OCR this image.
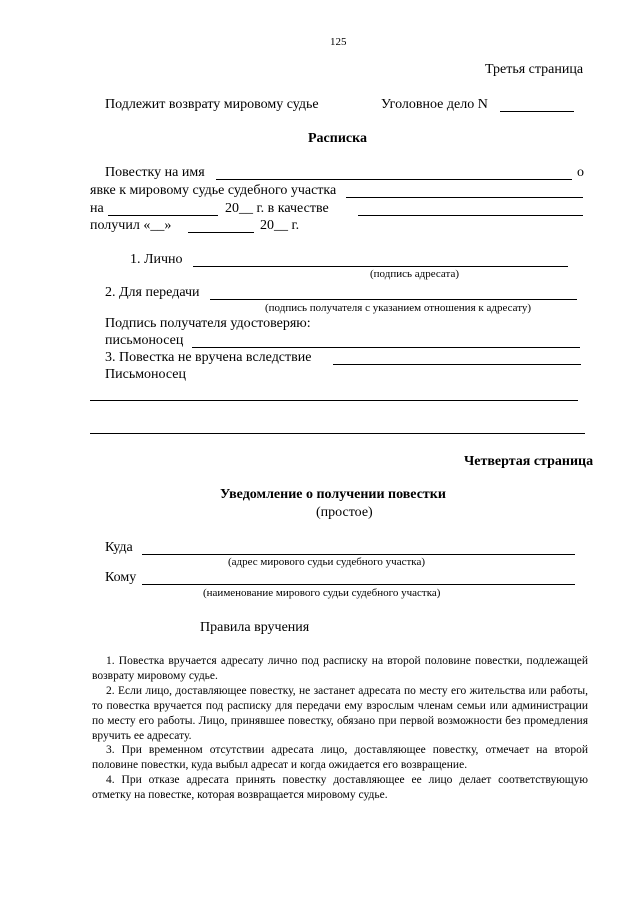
125
Третья страница
Подлежит возврату мировому судье	Уголовное дело N
Расписка
Повестку на имя	о
явке к мировому судье судебного участка
на	20__ г. в качестве
получил «__»	20__ г.
1. Лично
(подпись адресата)
2. Для передачи
(подпись получателя с указанием отношения к адресату)
Подпись получателя удостоверяю:
письмоносец
3. Повестка не вручена вследствие
Письмоносец
Четвертая страница
Уведомление о получении повестки
(простое)
Куда
(адрес мирового судьи судебного участка)
Кому
(наименование мирового судьи судебного участка)
Правила вручения
1. Повестка вручается адресату лично под расписку на второй половине повестки, подлежащей возврату мировому судье.
2. Если лицо, доставляющее повестку, не застанет адресата по месту его жительства или работы, то повестка вручается под расписку для передачи ему взрослым членам семьи или администрации по месту его работы. Лицо, принявшее повестку, обязано при первой возможности без промедления вручить ее адресату.
3. При временном отсутствии адресата лицо, доставляющее повестку, отмечает на второй половине повестки, куда выбыл адресат и когда ожидается его возвращение.
4. При отказе адресата принять повестку доставляющее ее лицо делает соответствующую отметку на повестке, которая возвращается мировому судье.
